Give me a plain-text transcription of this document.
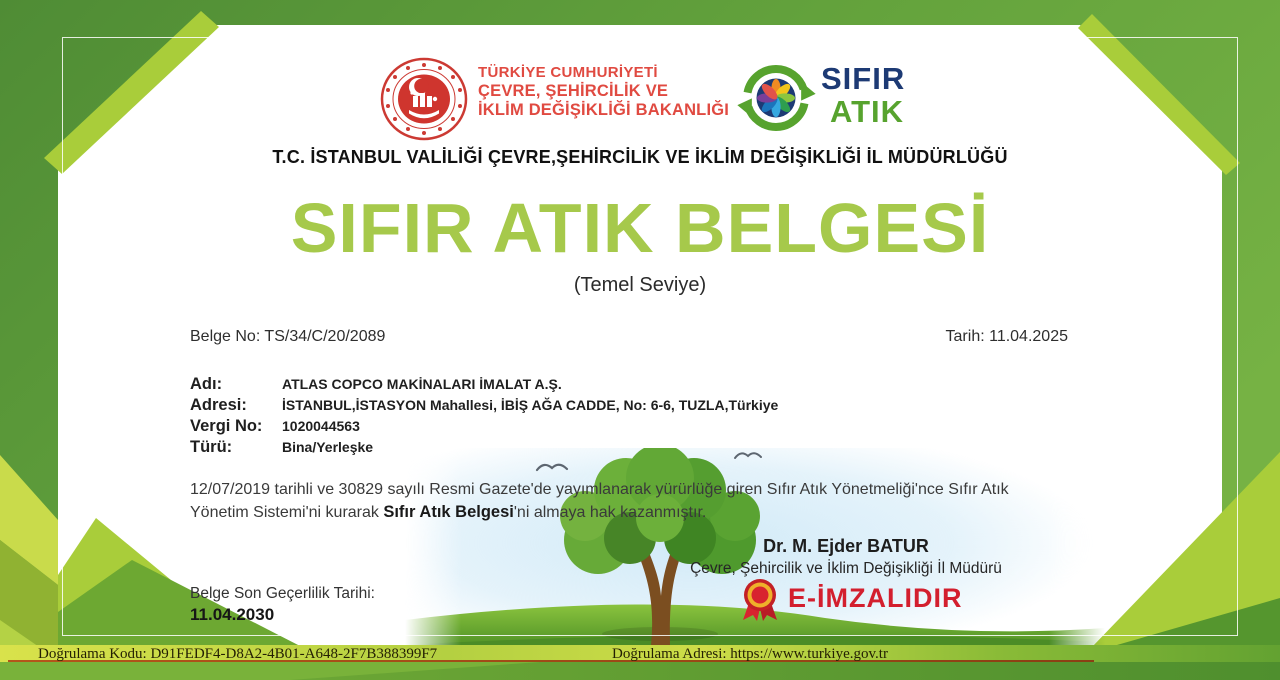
TÜRKİYE CUMHURİYETİ
ÇEVRE, ŞEHİRCİLİK VE
İKLİM DEĞİŞİKLİĞİ BAKANLIĞI
SIFIR
ATIK
T.C. İSTANBUL VALİLİĞİ ÇEVRE,ŞEHİRCİLİK VE İKLİM DEĞİŞİKLİĞİ İL MÜDÜRLÜĞÜ
SIFIR ATIK BELGESİ
(Temel Seviye)
Belge No: TS/34/C/20/2089	Tarih: 11.04.2025
Adı:	ATLAS COPCO MAKİNALARI İMALAT A.Ş.
Adresi:	İSTANBUL,İSTASYON Mahallesi, İBİŞ AĞA CADDE, No: 6-6, TUZLA,Türkiye
Vergi No:	1020044563
Türü:	Bina/Yerleşke
12/07/2019 tarihli ve 30829 sayılı Resmi Gazete'de yayımlanarak yürürlüğe giren Sıfır Atık Yönetmeliği'nce Sıfır Atık Yönetim Sistemi'ni kurarak Sıfır Atık Belgesi'ni almaya hak kazanmıştır.
Dr. M. Ejder BATUR
Çevre, Şehircilik ve İklim Değişikliği İl Müdürü
E-İMZALIDIR
Belge Son Geçerlilik Tarihi:
11.04.2030
Doğrulama Kodu: D91FEDF4-D8A2-4B01-A648-2F7B388399F7	Doğrulama Adresi: https://www.turkiye.gov.tr
